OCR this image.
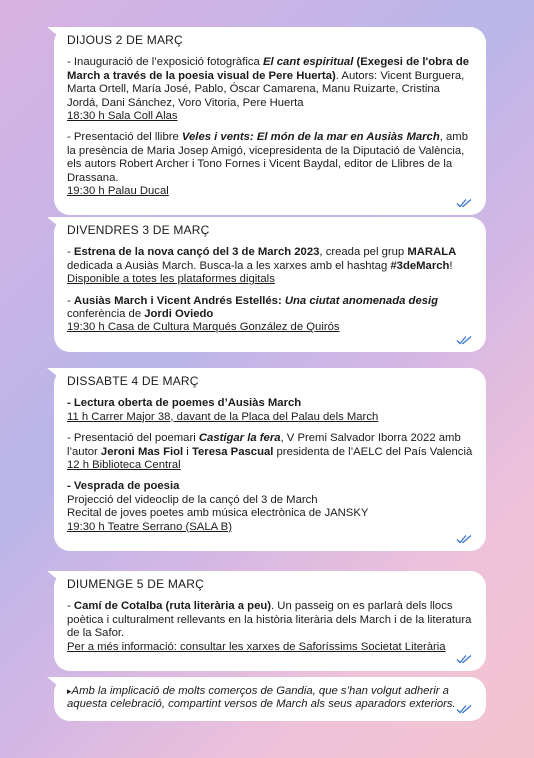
DIJOUS 2 DE MARÇ
- Inauguració de l’exposició fotogràfica El cant espiritual (Exegesi de l'obra de March a través de la poesia visual de Pere Huerta). Autors: Vicent Burguera, Marta Ortell, María José, Pablo, Óscar Camarena, Manu Ruizarte, Cristina Jordá, Dani Sánchez, Voro Vitoria, Pere Huerta
18:30 h Sala Coll Alas
- Presentació del llibre Veles i vents: El món de la mar en Ausiàs March, amb la presència de Maria Josep Amigó, vicepresidenta de la Diputació de València, els autors Robert Archer i Tono Fornes i Vicent Baydal, editor de Llibres de la Drassana.
19:30 h Palau Ducal
DIVENDRES 3 DE MARÇ
- Estrena de la nova cançó del 3 de March 2023, creada pel grup MARALA dedicada a Ausiàs March. Busca-la a les xarxes amb el hashtag #3deMarch!
Disponible a totes les plataformes digitals
- Ausiàs March i Vicent Andrés Estellés: Una ciutat anomenada desig conferència de Jordi Oviedo
19:30 h Casa de Cultura Marqués González de Quirós
DISSABTE 4 DE MARÇ
- Lectura oberta de poemes d’Ausiàs March
11 h Carrer Major 38, davant de la Placa del Palau dels March
- Presentació del poemari Castigar la fera, V Premi Salvador Iborra 2022 amb l’autor Jeroni Mas Fiol i Teresa Pascual presidenta de l’AELC del País Valencià
12 h Biblioteca Central
- Vesprada de poesia
Projecció del videoclip de la cançó del 3 de March
Recital de joves poetes amb música electrònica de JANSKY
19:30 h Teatre Serrano (SALA B)
DIUMENGE 5 DE MARÇ
- Camí de Cotalba (ruta literària a peu). Un passeig on es parlarà dels llocs poètica i culturalment rellevants en la història literària dels March i de la literatura de la Safor.
Per a més informació: consultar les xarxes de Saforíssims Societat Literària
▸Amb la implicació de molts comerços de Gandia, que s’han volgut adherir a aquesta celebració, compartint versos de March als seus aparadors exteriors.
